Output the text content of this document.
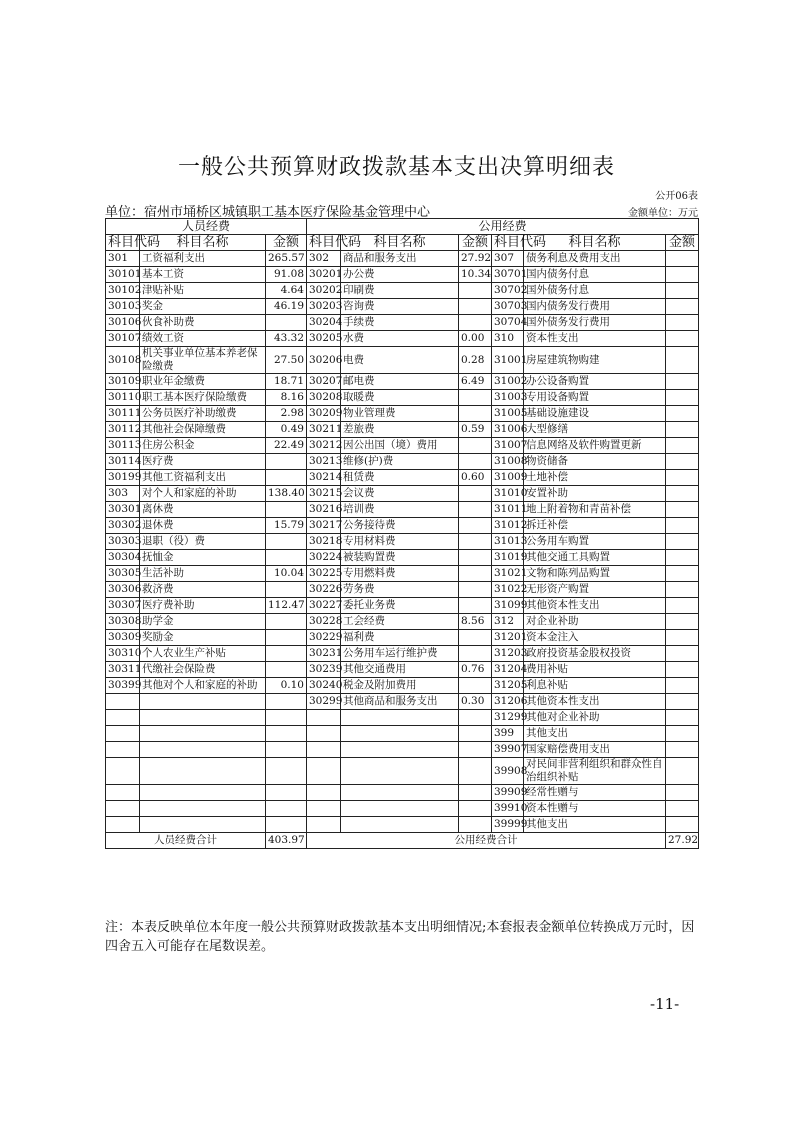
一般公共预算财政拨款基本支出决算明细表
公开06表
单位：宿州市埇桥区城镇职工基本医疗保险基金管理中心	金额单位：万元
人员经费			公用经费					
科目代码	科目名称	金额	科目代码	科目名称	金额	科目代码	科目名称	金额
301	工资福利支出	265.57	302	商品和服务支出	27.92	307	债务利息及费用支出	
30101	基本工资	91.08	30201	办公费	10.34	30701	国内债务付息	
30102	津贴补贴	4.64	30202	印刷费		30702	国外债务付息	
30103	奖金	46.19	30203	咨询费		30703	国内债务发行费用	
30106	伙食补助费		30204	手续费		30704	国外债务发行费用	
30107	绩效工资	43.32	30205	水费	0.00	310	资本性支出	
30108	机关事业单位基本养老保险缴费	27.50	30206	电费	0.28	31001	房屋建筑物购建	
30109	职业年金缴费	18.71	30207	邮电费	6.49	31002	办公设备购置	
30110	职工基本医疗保险缴费	8.16	30208	取暖费		31003	专用设备购置	
30111	公务员医疗补助缴费	2.98	30209	物业管理费		31005	基础设施建设	
30112	其他社会保障缴费	0.49	30211	差旅费	0.59	31006	大型修缮	
30113	住房公积金	22.49	30212	因公出国（境）费用		31007	信息网络及软件购置更新	
30114	医疗费		30213	维修(护)费		31008	物资储备	
30199	其他工资福利支出		30214	租赁费	0.60	31009	土地补偿	
303	对个人和家庭的补助	138.40	30215	会议费		31010	安置补助	
30301	离休费		30216	培训费		31011	地上附着物和青苗补偿	
30302	退休费	15.79	30217	公务接待费		31012	拆迁补偿	
30303	退职（役）费		30218	专用材料费		31013	公务用车购置	
30304	抚恤金		30224	被装购置费		31019	其他交通工具购置	
30305	生活补助	10.04	30225	专用燃料费		31021	文物和陈列品购置	
30306	救济费		30226	劳务费		31022	无形资产购置	
30307	医疗费补助	112.47	30227	委托业务费		31099	其他资本性支出	
30308	助学金		30228	工会经费	8.56	312	对企业补助	
30309	奖励金		30229	福利费		31201	资本金注入	
30310	个人农业生产补贴		30231	公务用车运行维护费		31203	政府投资基金股权投资	
30311	代缴社会保险费		30239	其他交通费用	0.76	31204	费用补贴	
30399	其他对个人和家庭的补助	0.10	30240	税金及附加费用		31205	利息补贴	
			30299	其他商品和服务支出	0.30	31206	其他资本性支出	
						31299	其他对企业补助	
						399	其他支出	
						39907	国家赔偿费用支出	
						39908	对民间非营利组织和群众性自治组织补贴	
						39909	经常性赠与	
						39910	资本性赠与	
						39999	其他支出	
人员经费合计		403.97	公用经费合计					27.92
注：本表反映单位本年度一般公共预算财政拨款基本支出明细情况;本套报表金额单位转换成万元时，因四舍五入可能存在尾数误差。
-11-
